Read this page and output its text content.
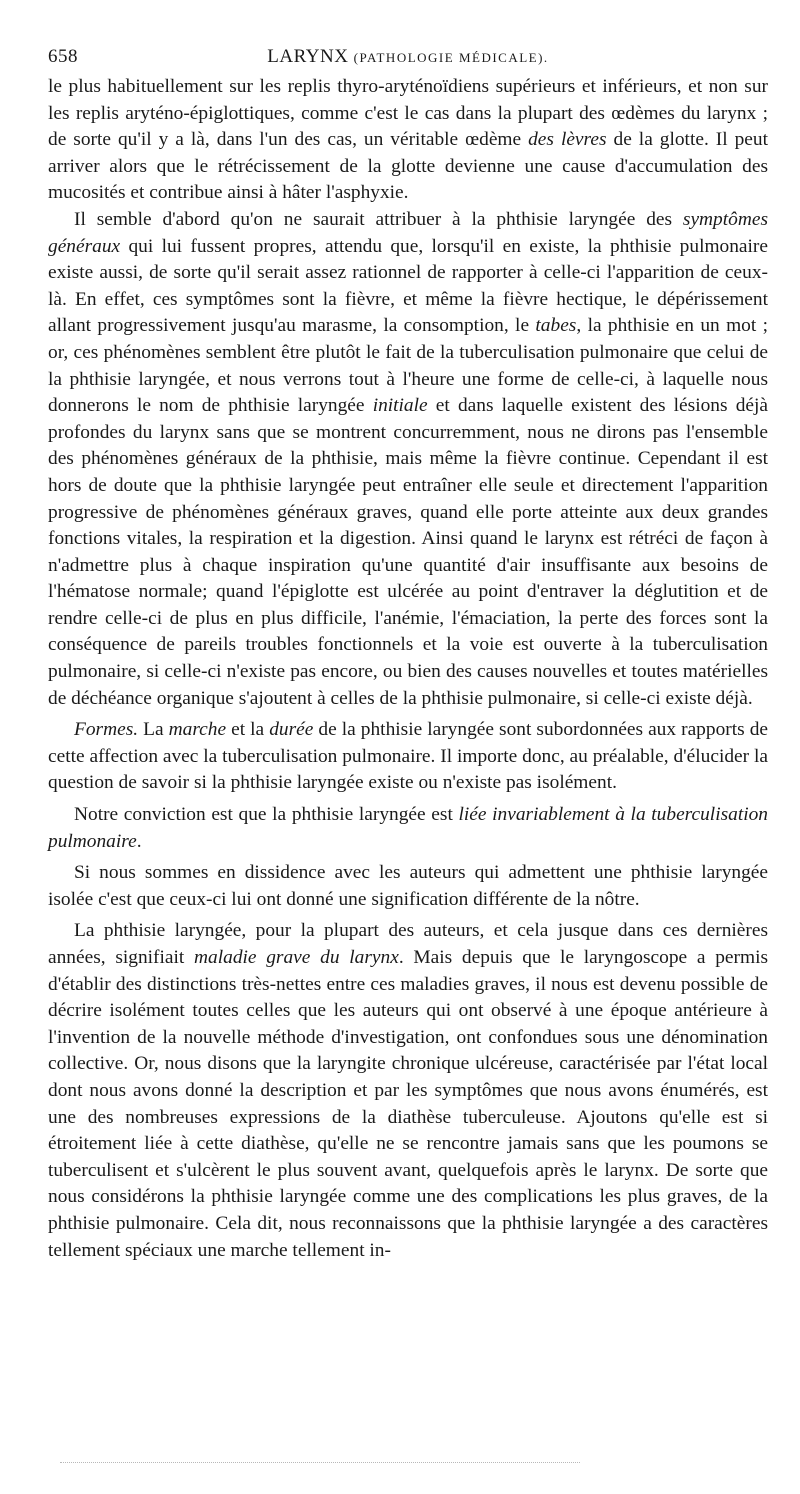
658	LARYNX (PATHOLOGIE MÉDICALE).

le plus habituellement sur les replis thyro-aryténoïdiens supérieurs et inférieurs, et non sur les replis aryténo-épiglottiques, comme c'est le cas dans la plupart des œdèmes du larynx ; de sorte qu'il y a là, dans l'un des cas, un véritable œdème des lèvres de la glotte. Il peut arriver alors que le rétrécissement de la glotte devienne une cause d'accumulation des mucosités et contribue ainsi à hâter l'asphyxie.

Il semble d'abord qu'on ne saurait attribuer à la phthisie laryngée des symptômes généraux qui lui fussent propres, attendu que, lorsqu'il en existe, la phthisie pulmonaire existe aussi, de sorte qu'il serait assez rationnel de rapporter à celle-ci l'apparition de ceux-là. En effet, ces symptômes sont la fièvre, et même la fièvre hectique, le dépérissement allant progressivement jusqu'au marasme, la consomption, le tabes, la phthisie en un mot ; or, ces phénomènes semblent être plutôt le fait de la tuberculisation pulmonaire que celui de la phthisie laryngée, et nous verrons tout à l'heure une forme de celle-ci, à laquelle nous donnerons le nom de phthisie laryngée initiale et dans laquelle existent des lésions déjà profondes du larynx sans que se montrent concurremment, nous ne dirons pas l'ensemble des phénomènes généraux de la phthisie, mais même la fièvre continue. Cependant il est hors de doute que la phthisie laryngée peut entraîner elle seule et directement l'apparition progressive de phénomènes généraux graves, quand elle porte atteinte aux deux grandes fonctions vitales, la respiration et la digestion. Ainsi quand le larynx est rétréci de façon à n'admettre plus à chaque inspiration qu'une quantité d'air insuffisante aux besoins de l'hématose normale; quand l'épiglotte est ulcérée au point d'entraver la déglutition et de rendre celle-ci de plus en plus difficile, l'anémie, l'émaciation, la perte des forces sont la conséquence de pareils troubles fonctionnels et la voie est ouverte à la tuberculisation pulmonaire, si celle-ci n'existe pas encore, ou bien des causes nouvelles et toutes matérielles de déchéance organique s'ajoutent à celles de la phthisie pulmonaire, si celle-ci existe déjà.

Formes. La marche et la durée de la phthisie laryngée sont subordonnées aux rapports de cette affection avec la tuberculisation pulmonaire. Il importe donc, au préalable, d'élucider la question de savoir si la phthisie laryngée existe ou n'existe pas isolément.

Notre conviction est que la phthisie laryngée est liée invariablement à la tuberculisation pulmonaire.

Si nous sommes en dissidence avec les auteurs qui admettent une phthisie laryngée isolée c'est que ceux-ci lui ont donné une signification différente de la nôtre.

La phthisie laryngée, pour la plupart des auteurs, et cela jusque dans ces dernières années, signifiait maladie grave du larynx. Mais depuis que le laryngoscope a permis d'établir des distinctions très-nettes entre ces maladies graves, il nous est devenu possible de décrire isolément toutes celles que les auteurs qui ont observé à une époque antérieure à l'invention de la nouvelle méthode d'investigation, ont confondues sous une dénomination collective. Or, nous disons que la laryngite chronique ulcéreuse, caractérisée par l'état local dont nous avons donné la description et par les symptômes que nous avons énumérés, est une des nombreuses expressions de la diathèse tuberculeuse. Ajoutons qu'elle est si étroitement liée à cette diathèse, qu'elle ne se rencontre jamais sans que les poumons se tuberculisent et s'ulcèrent le plus souvent avant, quelquefois après le larynx. De sorte que nous considérons la phthisie laryngée comme une des complications les plus graves, de la phthisie pulmonaire. Cela dit, nous reconnaissons que la phthisie laryngée a des caractères tellement spéciaux une marche tellement in-
